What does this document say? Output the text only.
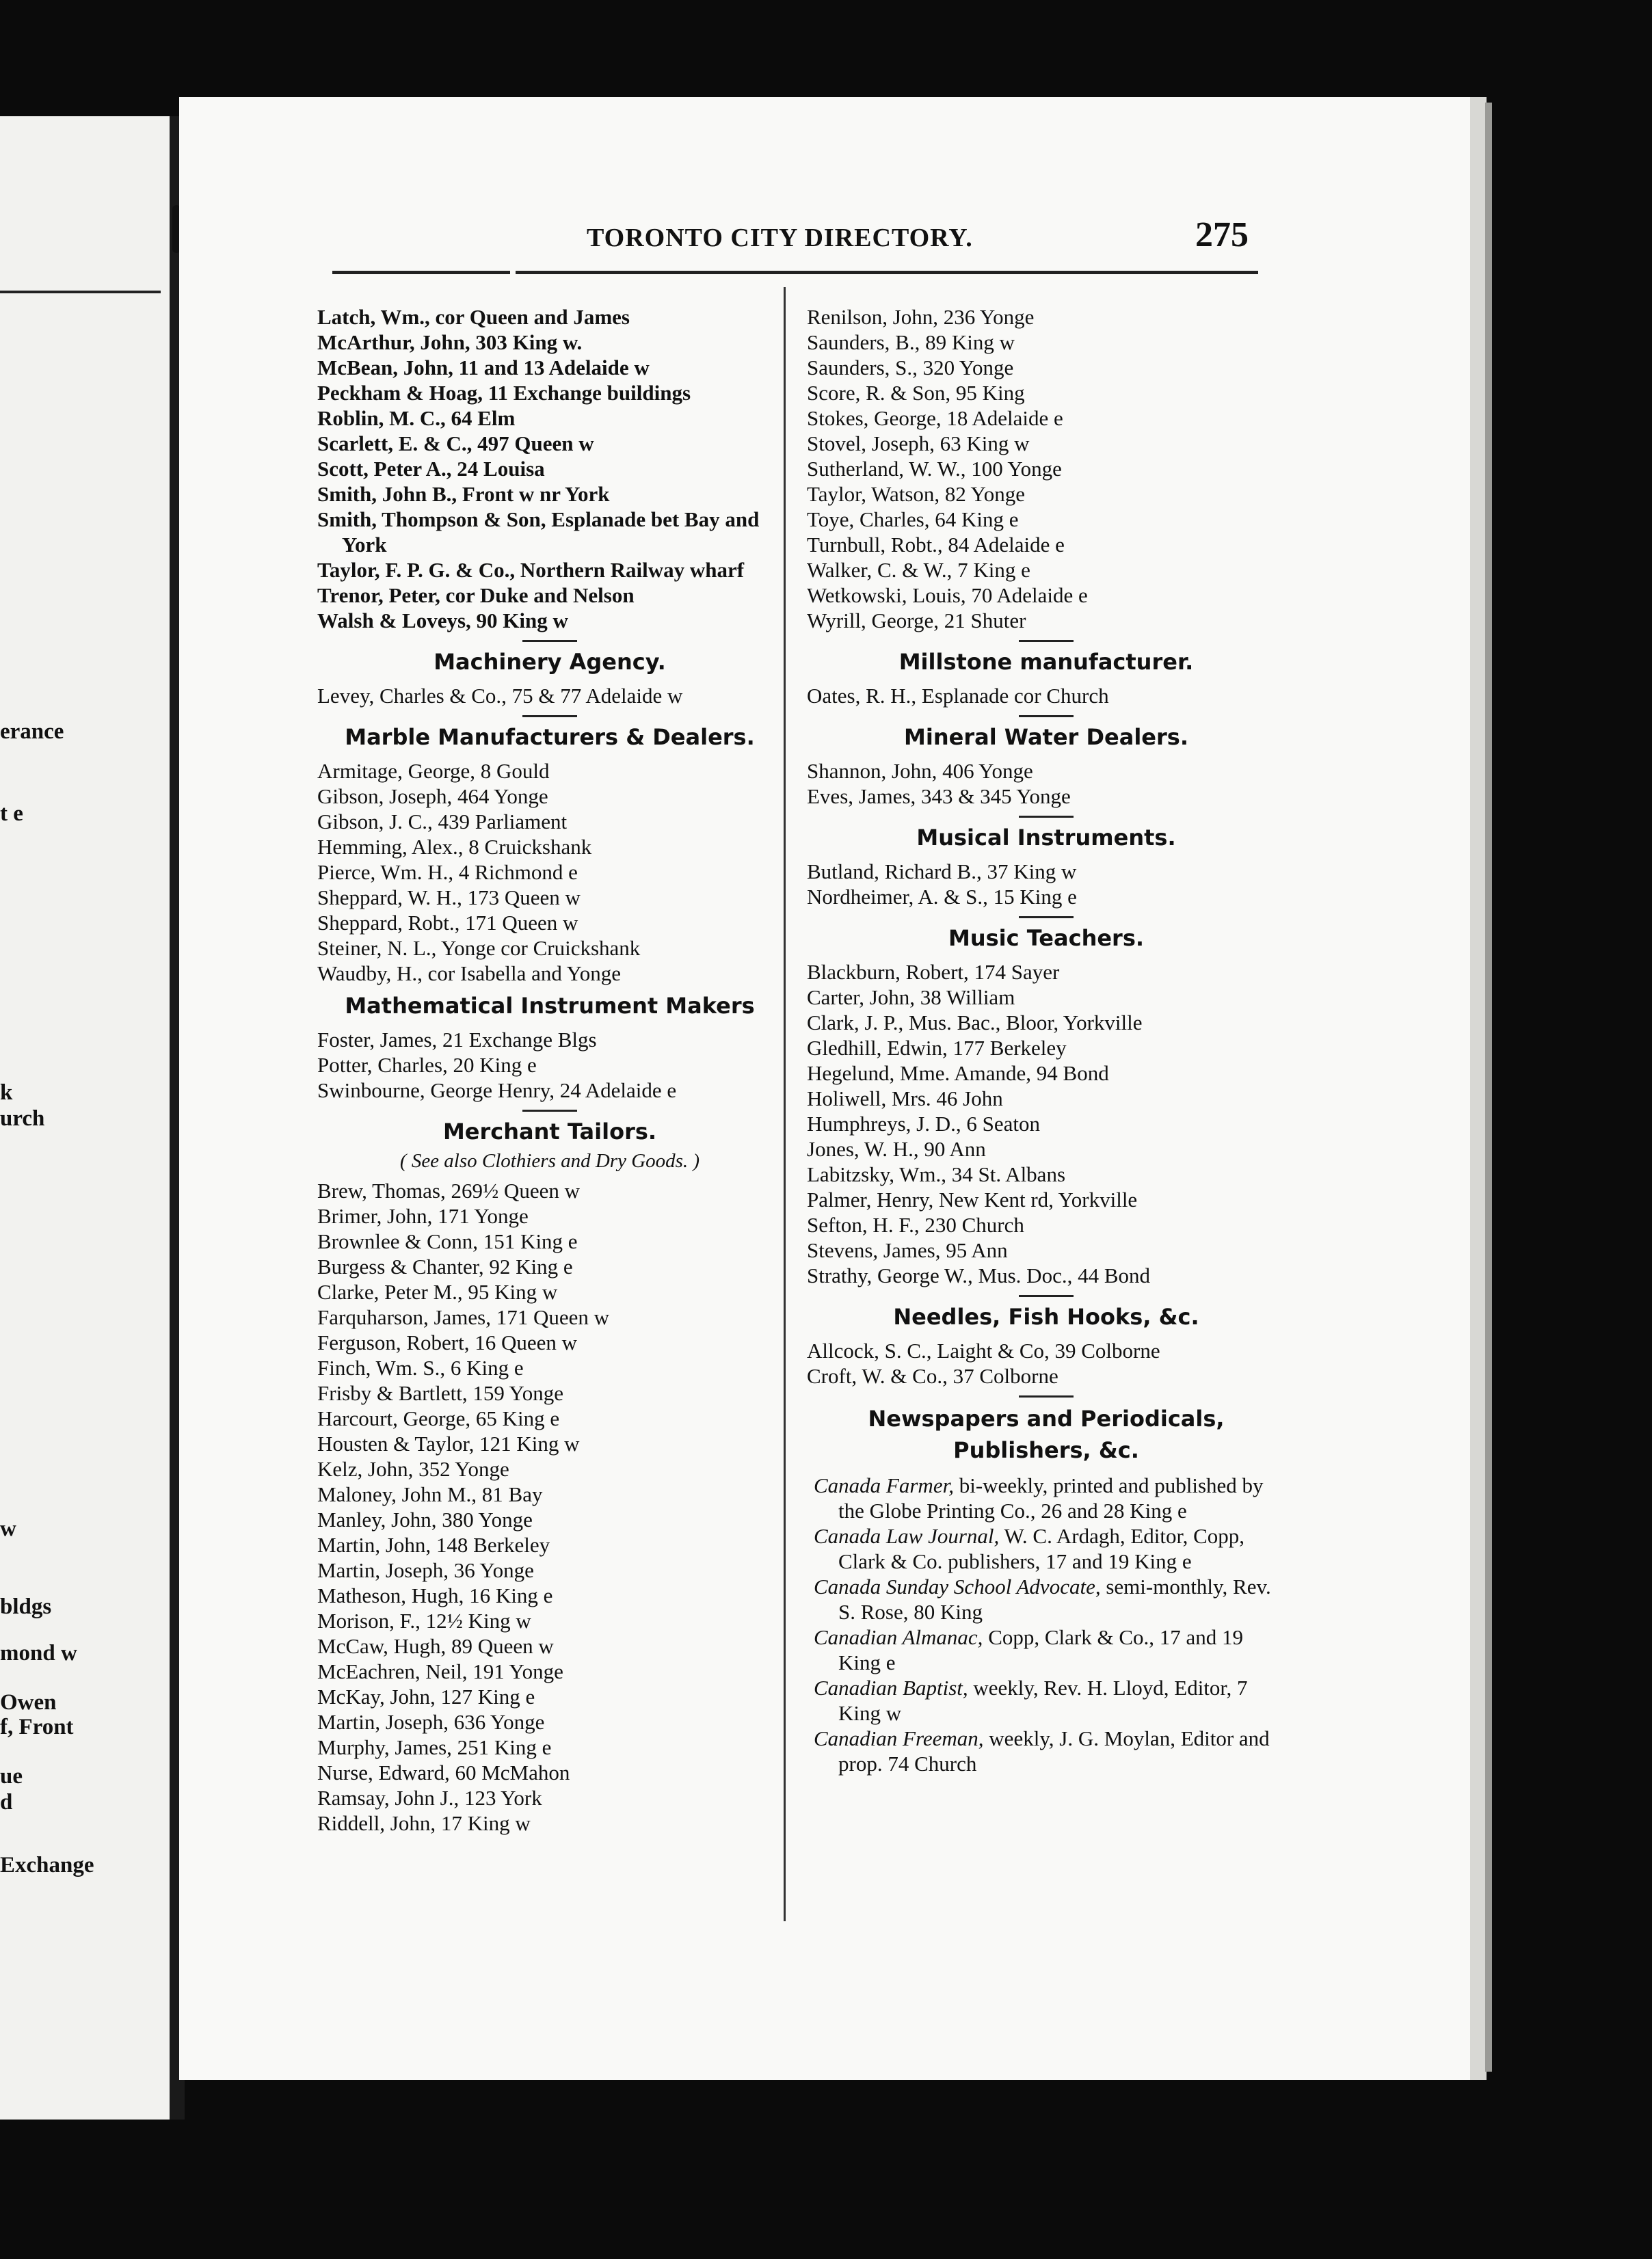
erance
t e
k
urch
w
bldgs
mond w
Owen
f, Front
ue
d
Exchange
TORONTO CITY DIRECTORY.	275
Latch, Wm., cor Queen and James
McArthur, John, 303 King w.
McBean, John, 11 and 13 Adelaide w
Peckham & Hoag, 11 Exchange buildings
Roblin, M. C., 64 Elm
Scarlett, E. & C., 497 Queen w
Scott, Peter A., 24 Louisa
Smith, John B., Front w nr York
Smith, Thompson & Son, Esplanade bet Bay and York
Taylor, F. P. G. & Co., Northern Railway wharf
Trenor, Peter, cor Duke and Nelson
Walsh & Loveys, 90 King w
Machinery Agency.
Levey, Charles & Co., 75 & 77 Adelaide w
Marble Manufacturers & Dealers.
Armitage, George, 8 Gould
Gibson, Joseph, 464 Yonge
Gibson, J. C., 439 Parliament
Hemming, Alex., 8 Cruickshank
Pierce, Wm. H., 4 Richmond e
Sheppard, W. H., 173 Queen w
Sheppard, Robt., 171 Queen w
Steiner, N. L., Yonge cor Cruickshank
Waudby, H., cor Isabella and Yonge
Mathematical Instrument Makers
Foster, James, 21 Exchange Blgs
Potter, Charles, 20 King e
Swinbourne, George Henry, 24 Adelaide e
Merchant Tailors.
( See also Clothiers and Dry Goods. )
Brew, Thomas, 269½ Queen w
Brimer, John, 171 Yonge
Brownlee & Conn, 151 King e
Burgess & Chanter, 92 King e
Clarke, Peter M., 95 King w
Farquharson, James, 171 Queen w
Ferguson, Robert, 16 Queen w
Finch, Wm. S., 6 King e
Frisby & Bartlett, 159 Yonge
Harcourt, George, 65 King e
Housten & Taylor, 121 King w
Kelz, John, 352 Yonge
Maloney, John M., 81 Bay
Manley, John, 380 Yonge
Martin, John, 148 Berkeley
Martin, Joseph, 36 Yonge
Matheson, Hugh, 16 King e
Morison, F., 12½ King w
McCaw, Hugh, 89 Queen w
McEachren, Neil, 191 Yonge
McKay, John, 127 King e
Martin, Joseph, 636 Yonge
Murphy, James, 251 King e
Nurse, Edward, 60 McMahon
Ramsay, John J., 123 York
Riddell, John, 17 King w
Renilson, John, 236 Yonge
Saunders, B., 89 King w
Saunders, S., 320 Yonge
Score, R. & Son, 95 King
Stokes, George, 18 Adelaide e
Stovel, Joseph, 63 King w
Sutherland, W. W., 100 Yonge
Taylor, Watson, 82 Yonge
Toye, Charles, 64 King e
Turnbull, Robt., 84 Adelaide e
Walker, C. & W., 7 King e
Wetkowski, Louis, 70 Adelaide e
Wyrill, George, 21 Shuter
Millstone manufacturer.
Oates, R. H., Esplanade cor Church
Mineral Water Dealers.
Shannon, John, 406 Yonge
Eves, James, 343 & 345 Yonge
Musical Instruments.
Butland, Richard B., 37 King w
Nordheimer, A. & S., 15 King e
Music Teachers.
Blackburn, Robert, 174 Sayer
Carter, John, 38 William
Clark, J. P., Mus. Bac., Bloor, Yorkville
Gledhill, Edwin, 177 Berkeley
Hegelund, Mme. Amande, 94 Bond
Holiwell, Mrs. 46 John
Humphreys, J. D., 6 Seaton
Jones, W. H., 90 Ann
Labitzsky, Wm., 34 St. Albans
Palmer, Henry, New Kent rd, Yorkville
Sefton, H. F., 230 Church
Stevens, James, 95 Ann
Strathy, George W., Mus. Doc., 44 Bond
Needles, Fish Hooks, &c.
Allcock, S. C., Laight & Co, 39 Colborne
Croft, W. & Co., 37 Colborne
Newspapers and Periodicals, Publishers, &c.
Canada Farmer, bi-weekly, printed and published by the Globe Printing Co., 26 and 28 King e
Canada Law Journal, W. C. Ardagh, Editor, Copp, Clark & Co. publishers, 17 and 19 King e
Canada Sunday School Advocate, semi-monthly, Rev. S. Rose, 80 King
Canadian Almanac, Copp, Clark & Co., 17 and 19 King e
Canadian Baptist, weekly, Rev. H. Lloyd, Editor, 7 King w
Canadian Freeman, weekly, J. G. Moylan, Editor and prop. 74 Church
